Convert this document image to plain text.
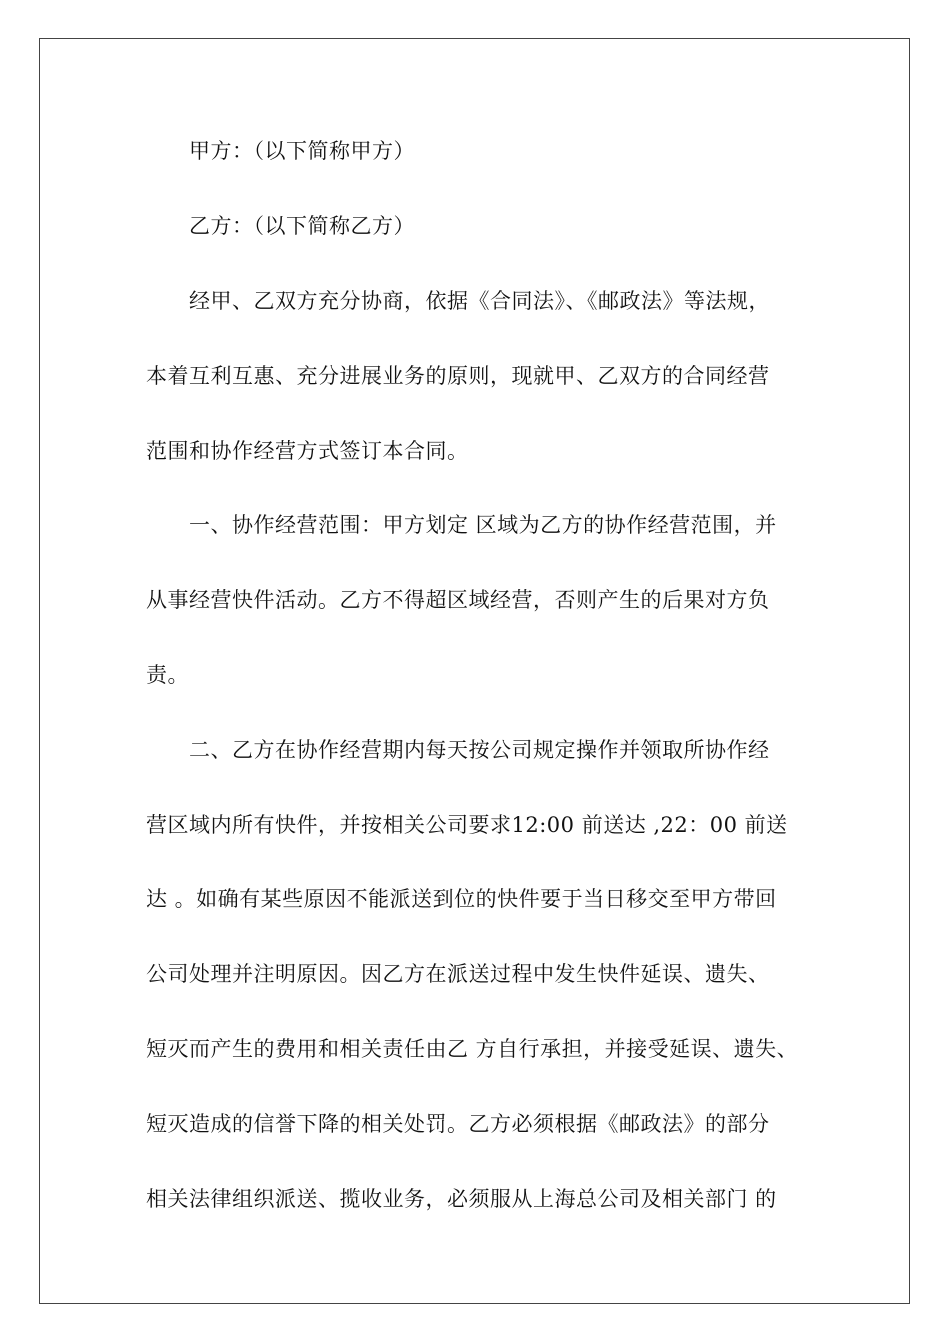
甲方：（以下简称甲方）
乙方：（以下简称乙方）
经甲、乙双方充分协商，依据《合同法》、《邮政法》等法规，
本着互利互惠、充分进展业务的原则，现就甲、乙双方的合同经营
范围和协作经营方式签订本合同。
一、协作经营范围：甲方划定 区域为乙方的协作经营范围，并
从事经营快件活动。乙方不得超区域经营，否则产生的后果对方负
责。
二、乙方在协作经营期内每天按公司规定操作并领取所协作经
营区域内所有快件，并按相关公司要求12:00 前送达 ,22：00 前送
达 。如确有某些原因不能派送到位的快件要于当日移交至甲方带回
公司处理并注明原因。因乙方在派送过程中发生快件延误、遗失、
短灭而产生的费用和相关责任由乙 方自行承担，并接受延误、遗失、
短灭造成的信誉下降的相关处罚。乙方必须根据《邮政法》的部分
相关法律组织派送、揽收业务，必须服从上海总公司及相关部门 的
